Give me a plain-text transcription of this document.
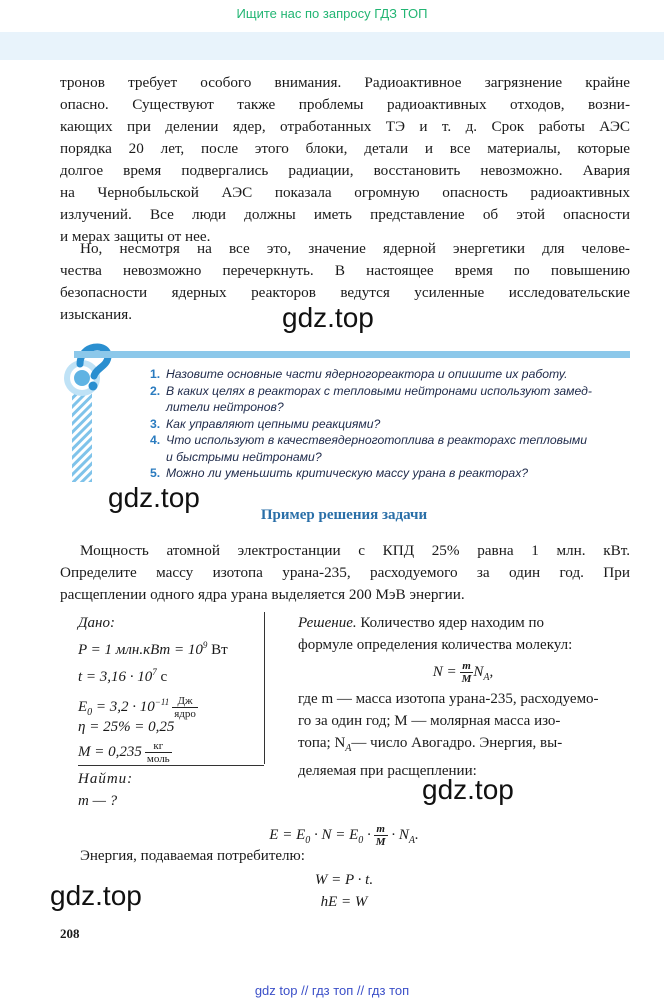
Ищите нас по запросу ГДЗ ТОП
тронов требует особого внимания. Радиоактивное загрязнение крайне
опасно. Существуют также проблемы радиоактивных отходов, возни-
кающих при делении ядер, отработанных ТЭ и т. д. Срок работы АЭС
порядка 20 лет, после этого блоки, детали и все материалы, которые
долгое время подвергались радиации, восстановить невозможно. Авария
на Чернобыльской АЭС показала огромную опасность радиоактивных
излучений. Все люди должны иметь представление об этой опасности
и мерах защиты от нее.
Но, несмотря на все это, значение ядерной энергетики для челове-
чества невозможно перечеркнуть. В настоящее время по повышению
безопасности ядерных реакторов ведутся усиленные исследовательские
изыскания.	gdz.top
1. Назовите основные части ядерногореактора и опишите их работу.
2. В каких целях в реакторах с тепловыми нейтронами используют замед-
лители нейтронов?
3. Как управляют цепными реакциями?
4. Что используют в качествеядерноготоплива в реакторахс тепловыми
и быстрыми нейтронами?
5. Можно ли уменьшить критическую массу урана в реакторах?
gdz.top
Пример решения задачи
Мощность атомной электростанции с КПД 25% равна 1 млн. кВт.
Определите массу изотопа урана-235, расходуемого за один год. При
расщеплении одного ядра урана выделяется 200 МэВ энергии.
Дано:
P = 1 $млн.кВт = 10^9$ Вт
$t = 3,16 \cdot 10^7$ с
$E_0 = 3,2 \cdot 10^{-11} \frac{Дж}{\text{ядро}}$
η = 25% = 0,25
$M = 0,235 \frac{кг}{\text{моль}}$
Найти:
m — ?
Решение. Количество ядер находим по
формуле определения количества молекул:
$N = \frac{m}{M} N_A$,
где m — масса изотопа урана-235, расходуемо-
го за один год; M — молярная масса изо-
топа; $N_A—$ число Авогадро. Энергия, вы-
деляемая при расщеплении:
gdz.top
$E = E_0 \cdot N = E_0 \cdot \frac{m}{M} \cdot N_A$.
Энергия, подаваемая потребителю:
W = P · t.
hE = W
gdz.top
208
gdz top // гдз топ // гдз топ
